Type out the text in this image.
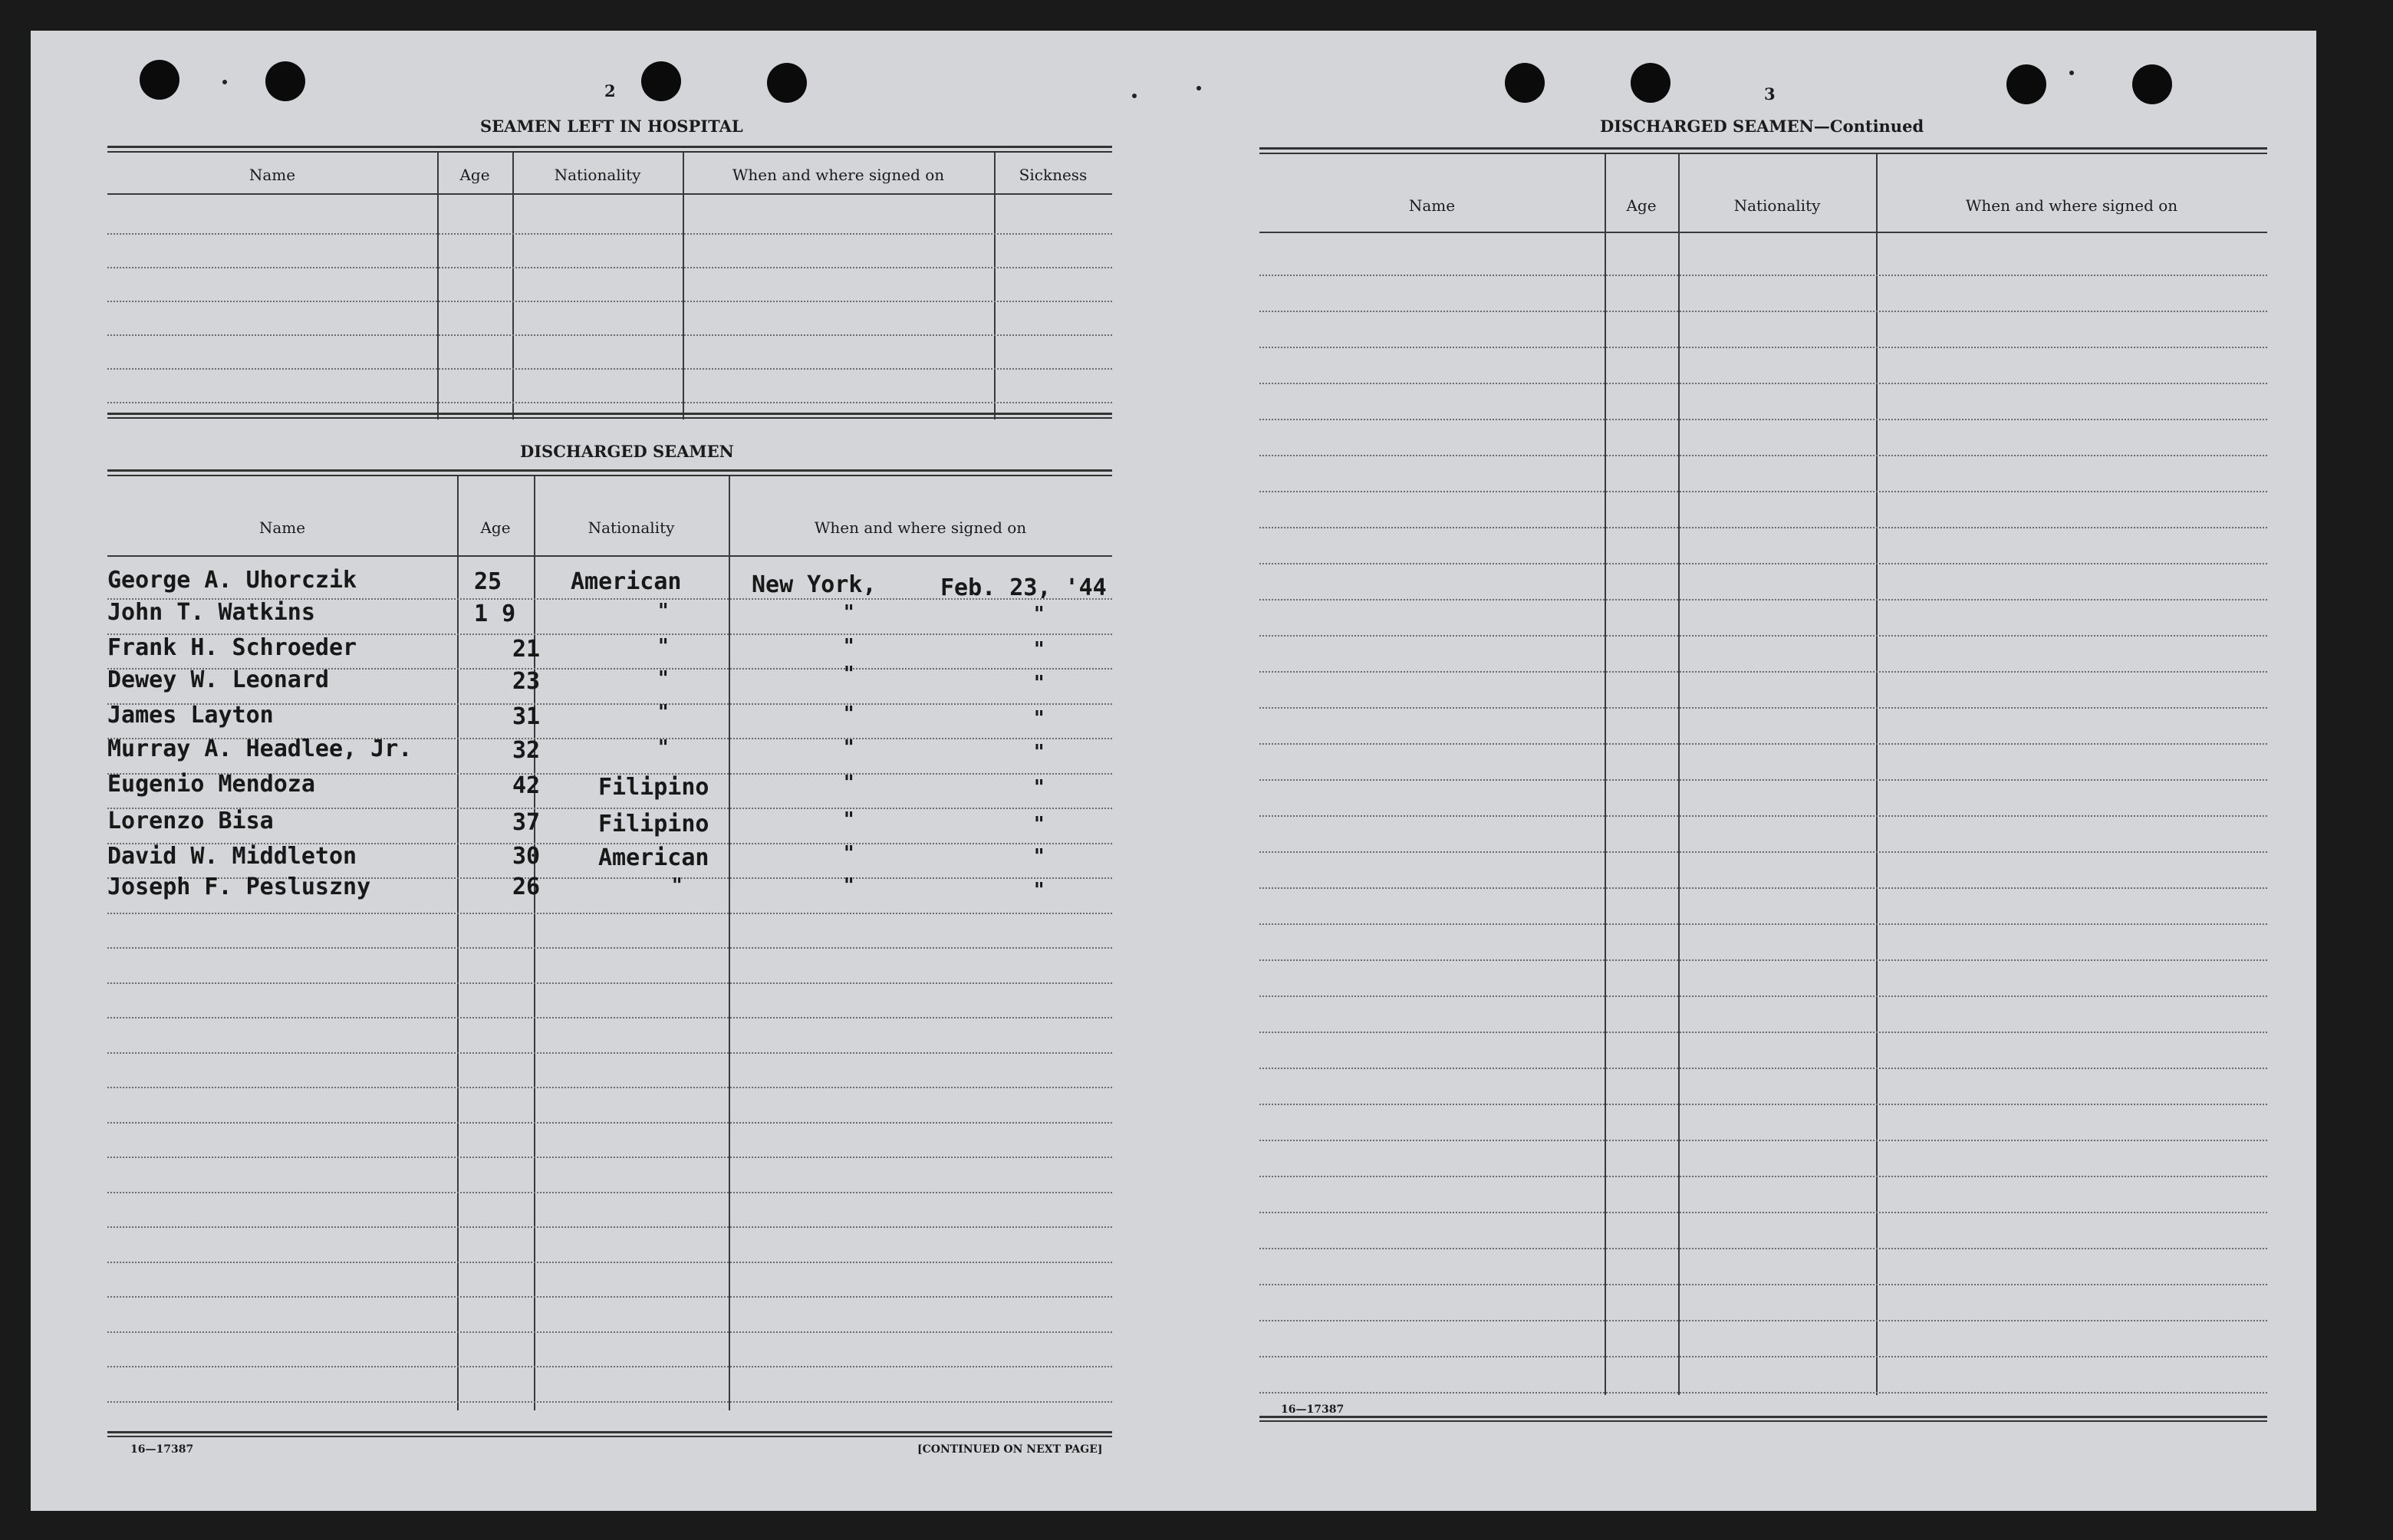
2
SEAMEN LEFT IN HOSPITAL
Name	Age	Nationality	When and where signed on	Sickness
DISCHARGED SEAMEN
Name	Age	Nationality	When and where signed on
George A. Uhorczik	25	American	New York,	Feb. 23, '44
John T. Watkins	1 9	"	"	"
Frank H. Schroeder	21	"	"	"
Dewey W. Leonard	23	"	"	"
James Layton	31	"	"	"
Murray A. Headlee, Jr.	32	"	"	"
Eugenio Mendoza	42	Filipino	"	"
Lorenzo Bisa	37	Filipino	"	"
David W. Middleton	30	American	"	"
Joseph F. Pesluszny	26	"	"	"
16—17387	[CONTINUED ON NEXT PAGE]
3
DISCHARGED SEAMEN—Continued
Name	Age	Nationality	When and where signed on
16—17387
